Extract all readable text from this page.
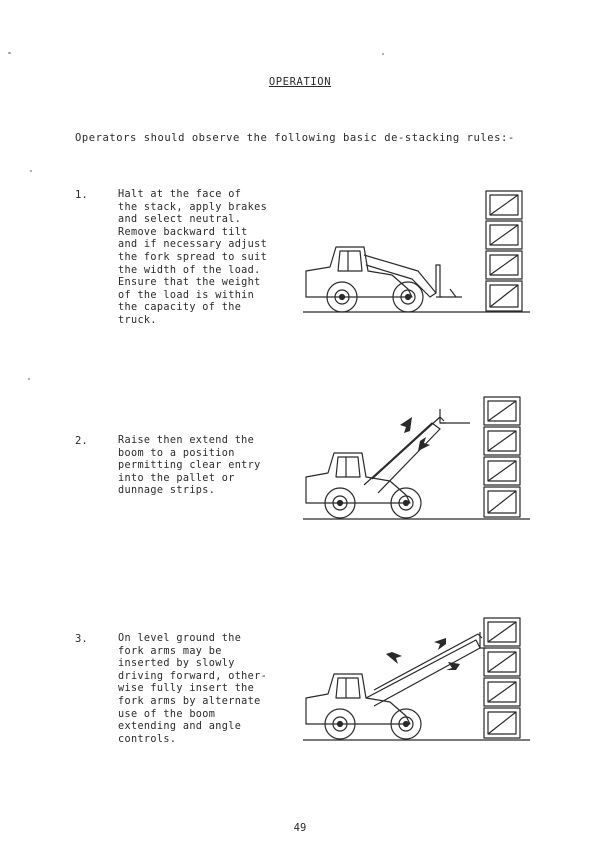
OPERATION
Operators should observe the following basic de-stacking rules:-
1.	Halt at the face of
the stack, apply brakes
and select neutral.
Remove backward tilt
and if necessary adjust
the fork spread to suit
the width of the load.
Ensure that the weight
of the load is within
the capacity of the
truck.
2.	Raise then extend the
boom to a position
permitting clear entry
into the pallet or
dunnage strips.
3.	On level ground the
fork arms may be
inserted by slowly
driving forward, other-
wise fully insert the
fork arms by alternate
use of the boom
extending and angle
controls.
49
